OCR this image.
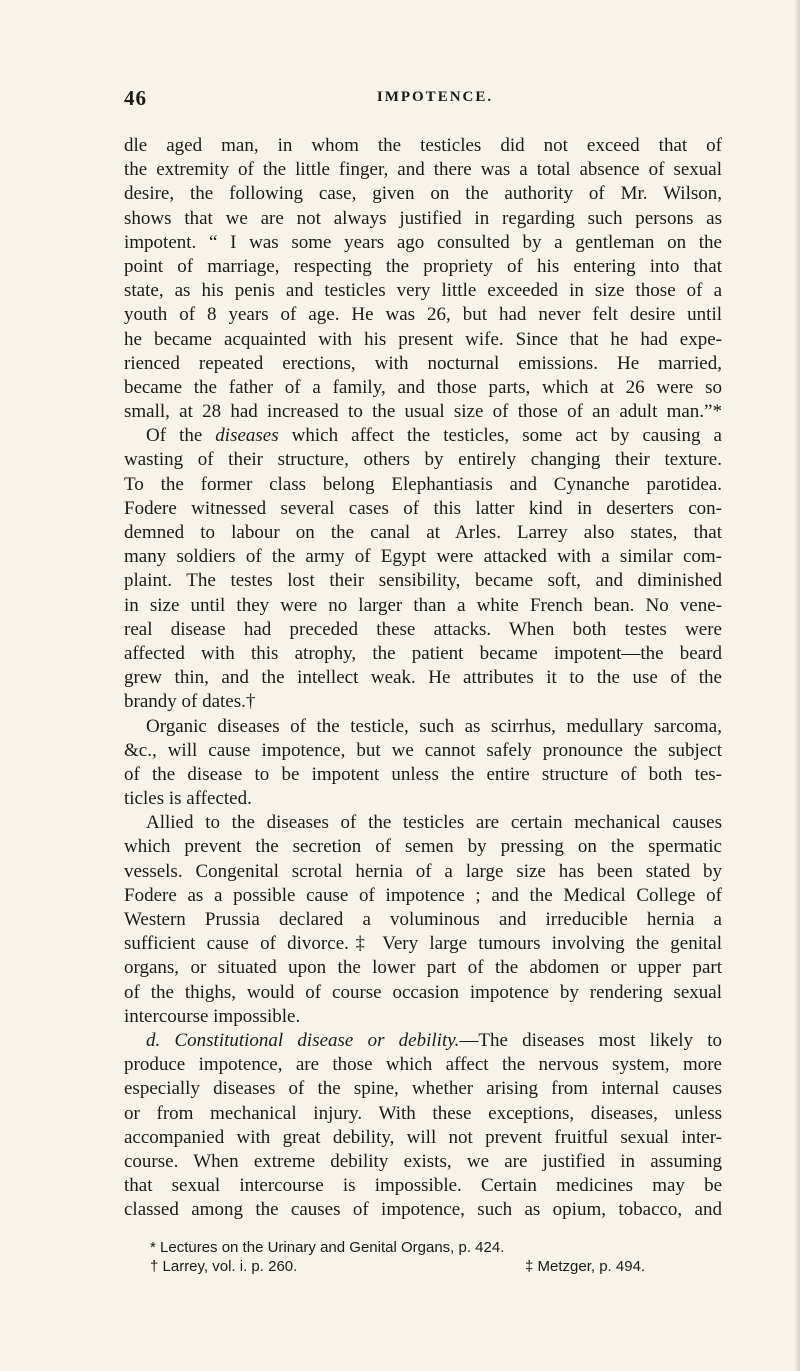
46	IMPOTENCE.
dle aged man, in whom the testicles did not exceed that of
the extremity of the little finger, and there was a total absence of sexual
desire, the following case, given on the authority of Mr. Wilson,
shows that we are not always justified in regarding such persons as
impotent. “ I was some years ago consulted by a gentleman on the
point of marriage, respecting the propriety of his entering into that
state, as his penis and testicles very little exceeded in size those of a
youth of 8 years of age. He was 26, but had never felt desire until
he became acquainted with his present wife. Since that he had expe-
rienced repeated erections, with nocturnal emissions. He married,
became the father of a family, and those parts, which at 26 were so
small, at 28 had increased to the usual size of those of an adult man.”*
Of the diseases which affect the testicles, some act by causing a
wasting of their structure, others by entirely changing their texture.
To the former class belong Elephantiasis and Cynanche parotidea.
Fodere witnessed several cases of this latter kind in deserters con-
demned to labour on the canal at Arles. Larrey also states, that
many soldiers of the army of Egypt were attacked with a similar com-
plaint. The testes lost their sensibility, became soft, and diminished
in size until they were no larger than a white French bean. No vene-
real disease had preceded these attacks. When both testes were
affected with this atrophy, the patient became impotent—the beard
grew thin, and the intellect weak. He attributes it to the use of the
brandy of dates.†
Organic diseases of the testicle, such as scirrhus, medullary sarcoma,
&c., will cause impotence, but we cannot safely pronounce the subject
of the disease to be impotent unless the entire structure of both tes-
ticles is affected.
Allied to the diseases of the testicles are certain mechanical causes
which prevent the secretion of semen by pressing on the spermatic
vessels. Congenital scrotal hernia of a large size has been stated by
Fodere as a possible cause of impotence ; and the Medical College of
Western Prussia declared a voluminous and irreducible hernia a
sufficient cause of divorce.‡ Very large tumours involving the genital
organs, or situated upon the lower part of the abdomen or upper part
of the thighs, would of course occasion impotence by rendering sexual
intercourse impossible.
d. Constitutional disease or debility.—The diseases most likely to
produce impotence, are those which affect the nervous system, more
especially diseases of the spine, whether arising from internal causes
or from mechanical injury. With these exceptions, diseases, unless
accompanied with great debility, will not prevent fruitful sexual inter-
course. When extreme debility exists, we are justified in assuming
that sexual intercourse is impossible. Certain medicines may be
classed among the causes of impotence, such as opium, tobacco, and
* Lectures on the Urinary and Genital Organs, p. 424.
† Larrey, vol. i. p. 260.	‡ Metzger, p. 494.
